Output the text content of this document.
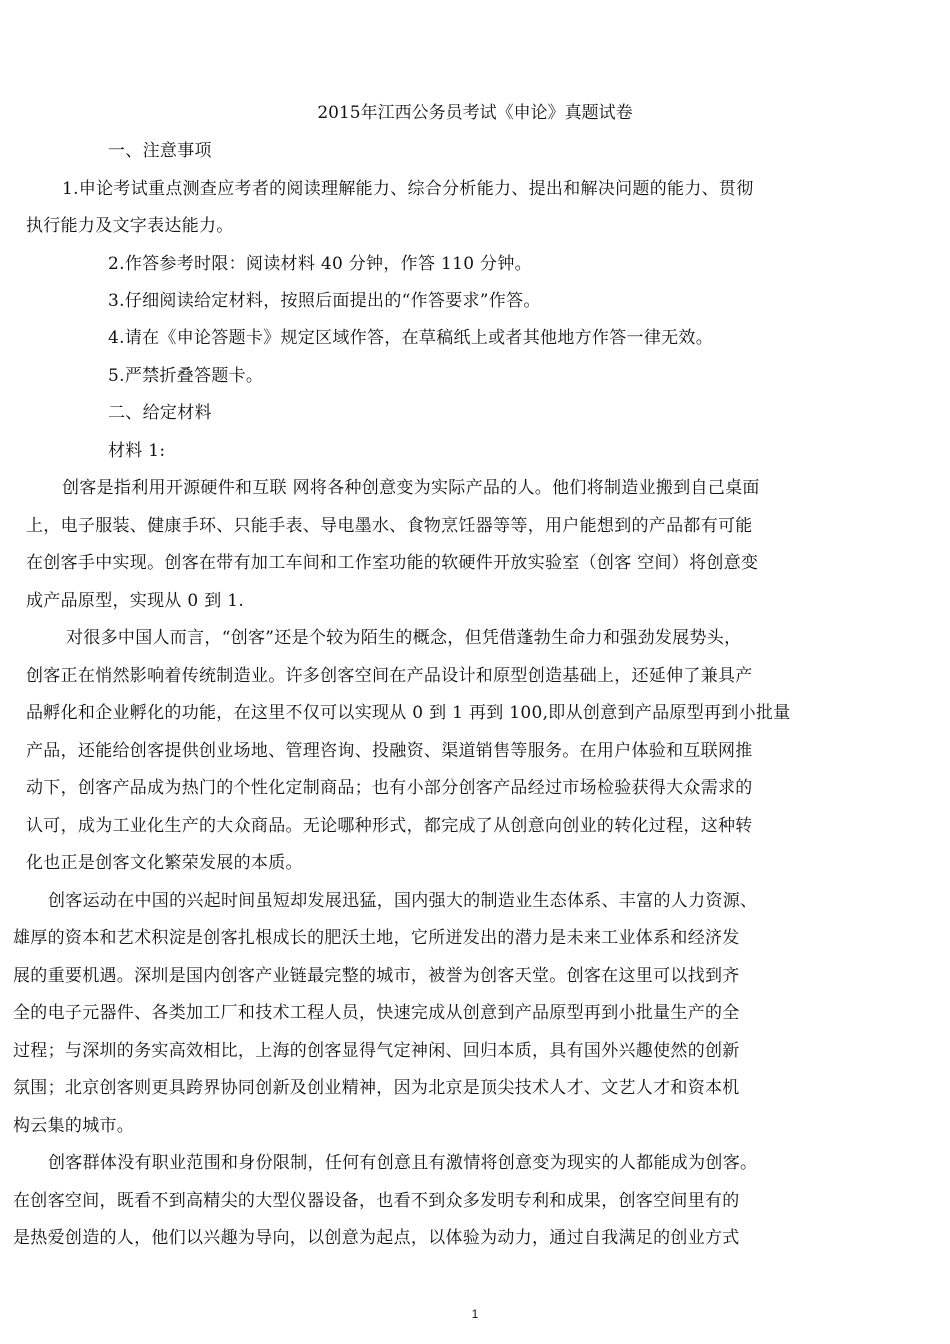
2015年江西公务员考试《申论》真题试卷
一、注意事项
1.申论考试重点测查应考者的阅读理解能力、综合分析能力、提出和解决问题的能力、贯彻
执行能力及文字表达能力。
2.作答参考时限：阅读材料 40 分钟，作答 110 分钟。
3.仔细阅读给定材料，按照后面提出的“作答要求”作答。
4.请在《申论答题卡》规定区域作答，在草稿纸上或者其他地方作答一律无效。
5.严禁折叠答题卡。
二、给定材料
材料 1:
创客是指利用开源硬件和互联 网将各种创意变为实际产品的人。他们将制造业搬到自己桌面
上，电子服装、健康手环、只能手表、导电墨水、食物烹饪器等等，用户能想到的产品都有可能
在创客手中实现。创客在带有加工车间和工作室功能的软硬件开放实验室（创客 空间）将创意变
成产品原型，实现从 0 到 1.
对很多中国人而言，“创客”还是个较为陌生的概念，但凭借蓬勃生命力和强劲发展势头，
创客正在悄然影响着传统制造业。许多创客空间在产品设计和原型创造基础上，还延伸了兼具产
品孵化和企业孵化的功能，在这里不仅可以实现从 0 到 1 再到 100,即从创意到产品原型再到小批量
产品，还能给创客提供创业场地、管理咨询、投融资、渠道销售等服务。在用户体验和互联网推
动下，创客产品成为热门的个性化定制商品；也有小部分创客产品经过市场检验获得大众需求的
认可，成为工业化生产的大众商品。无论哪种形式，都完成了从创意向创业的转化过程，这种转
化也正是创客文化繁荣发展的本质。
创客运动在中国的兴起时间虽短却发展迅猛，国内强大的制造业生态体系、丰富的人力资源、
雄厚的资本和艺术积淀是创客扎根成长的肥沃土地，它所迸发出的潜力是未来工业体系和经济发
展的重要机遇。深圳是国内创客产业链最完整的城市，被誉为创客天堂。创客在这里可以找到齐
全的电子元器件、各类加工厂和技术工程人员，快速完成从创意到产品原型再到小批量生产的全
过程；与深圳的务实高效相比，上海的创客显得气定神闲、回归本质，具有国外兴趣使然的创新
氛围；北京创客则更具跨界协同创新及创业精神，因为北京是顶尖技术人才、文艺人才和资本机
构云集的城市。
创客群体没有职业范围和身份限制，任何有创意且有激情将创意变为现实的人都能成为创客。
在创客空间，既看不到高精尖的大型仪器设备，也看不到众多发明专利和成果，创客空间里有的
是热爱创造的人，他们以兴趣为导向，以创意为起点，以体验为动力，通过自我满足的创业方式
1
